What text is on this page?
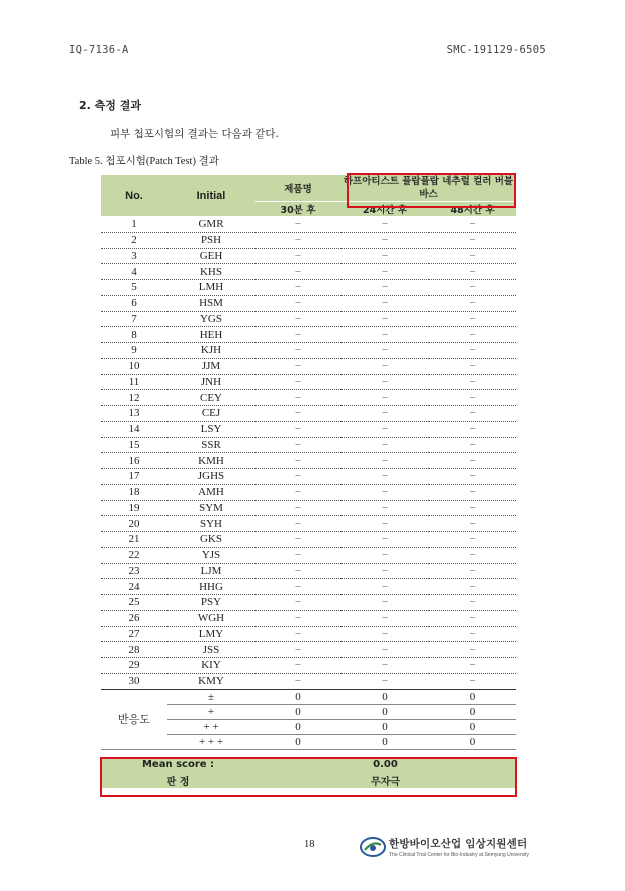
IQ-7136-A	SMC-191129-6505
2. 측정 결과
피부 첩포시험의 결과는 다음과 같다.
Table 5. 첩포시험(Patch Test) 결과
No.	Initial	제품명	하프아티스트 플랍플랍 네추럴 컬러 버블바스	
		30분 후	24시간 후	48시간 후
1	GMR	–	–	–
2	PSH	–	–	–
3	GEH	–	–	–
4	KHS	–	–	–
5	LMH	–	–	–
6	HSM	–	–	–
7	YGS	–	–	–
8	HEH	–	–	–
9	KJH	–	–	–
10	JJM	–	–	–
11	JNH	–	–	–
12	CEY	–	–	–
13	CEJ	–	–	–
14	LSY	–	–	–
15	SSR	–	–	–
16	KMH	–	–	–
17	JGHS	–	–	–
18	AMH	–	–	–
19	SYM	–	–	–
20	SYH	–	–	–
21	GKS	–	–	–
22	YJS	–	–	–
23	LJM	–	–	–
24	HHG	–	–	–
25	PSY	–	–	–
26	WGH	–	–	–
27	LMY	–	–	–
28	JSS	–	–	–
29	KIY	–	–	–
30	KMY	–	–	–
반응도	±	0	0	0
	+	0	0	0
	+ +	0	0	0
	+ + +	0	0	0

Mean score :		0.00		
판 정		무자극		
18	한방바이오산업 임상지원센터
The Clinical Trial Center for Bio-Industry at Semyung University
